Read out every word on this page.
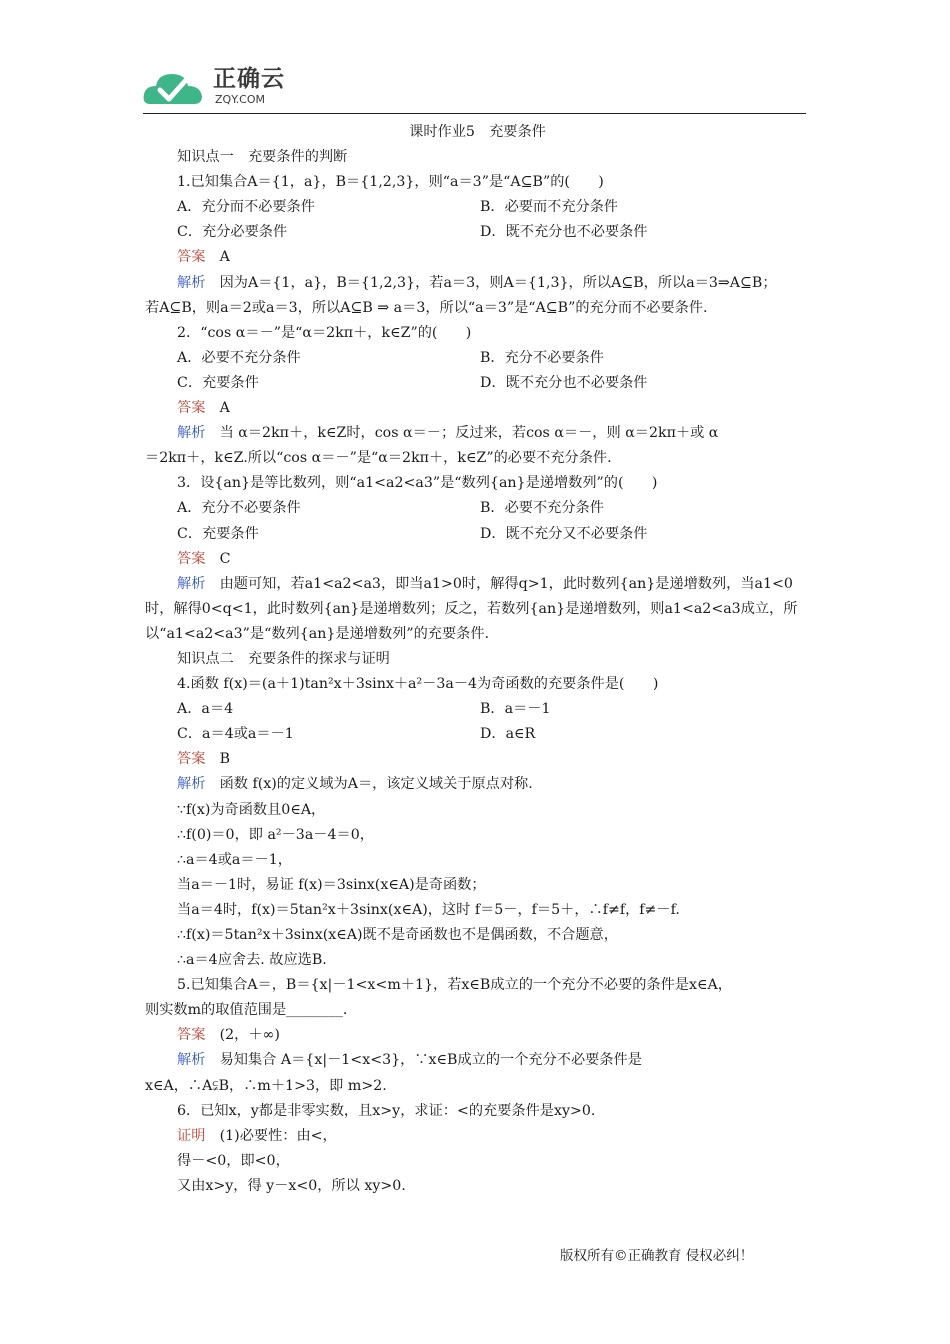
正确云
ZQY.COM
课时作业5　充要条件
知识点一　充要条件的判断
1.已知集合A＝{1，a}，B＝{1,2,3}，则“a＝3”是“A⊆B”的(　　)
A．充分而不必要条件	B．必要而不充分条件
C．充分必要条件	D．既不充分也不必要条件
答案　 A
解析　 因为A＝{1，a}，B＝{1,2,3}，若a＝3，则A＝{1,3}，所以A⊆B，所以a＝3⇒A⊆B；
若A⊆B，则a＝2或a＝3，所以A⊆B ⇒ a＝3，所以“a＝3”是“A⊆B”的充分而不必要条件.
2．“cos α＝－”是“α＝2kπ＋，k∈Z”的(　　)
A．必要不充分条件	B．充分不必要条件
C．充要条件	D．既不充分也不必要条件
答案　 A
解析　 当 α＝2kπ＋，k∈Z时，cos α＝－；反过来，若cos α＝－，则 α＝2kπ＋或 α
＝2kπ＋，k∈Z.所以“cos α＝－”是“α＝2kπ＋，k∈Z”的必要不充分条件.
3．设{an}是等比数列，则“a1<a2<a3”是“数列{an}是递增数列”的(　　)
A．充分不必要条件	B．必要不充分条件
C．充要条件	D．既不充分又不必要条件
答案　 C
解析　 由题可知，若a1<a2<a3，即当a1>0时，解得q>1，此时数列{an}是递增数列，当a1<0
时，解得0<q<1，此时数列{an}是递增数列；反之，若数列{an}是递增数列，则a1<a2<a3成立，所
以“a1<a2<a3”是“数列{an}是递增数列”的充要条件.
知识点二　充要条件的探求与证明
4.函数 f(x)＝(a＋1)tan²x＋3sinx＋a²－3a－4为奇函数的充要条件是(　　)
A．a＝4	B．a＝－1
C．a＝4或a＝－1	D．a∈R
答案　 B
解析　 函数 f(x)的定义域为A＝，该定义域关于原点对称.
∵f(x)为奇函数且0∈A，
∴f(0)＝0，即 a²－3a－4＝0，
∴a＝4或a＝－1，
当a＝－1时，易证 f(x)＝3sinx(x∈A)是奇函数；
当a＝4时，f(x)＝5tan²x＋3sinx(x∈A)，这时 f＝5－，f＝5＋，∴f≠f，f≠－f.
∴f(x)＝5tan²x＋3sinx(x∈A)既不是奇函数也不是偶函数，不合题意，
∴a＝4应舍去. 故应选B.
5.已知集合A＝，B＝{x|－1<x<m＋1}，若x∈B成立的一个充分不必要的条件是x∈A，
则实数m的取值范围是________.
答案　 (2，＋∞)
解析　 易知集合 A＝{x|－1<x<3}，∵x∈B成立的一个充分不必要条件是
x∈A，∴A⫋B，∴m＋1>3，即 m>2.
6．已知x，y都是非零实数，且x>y，求证：<的充要条件是xy>0.
证明　 (1)必要性：由<，
得－<0，即<0，
又由x>y，得 y－x<0，所以 xy>0.
版权所有©正确教育 侵权必纠！
